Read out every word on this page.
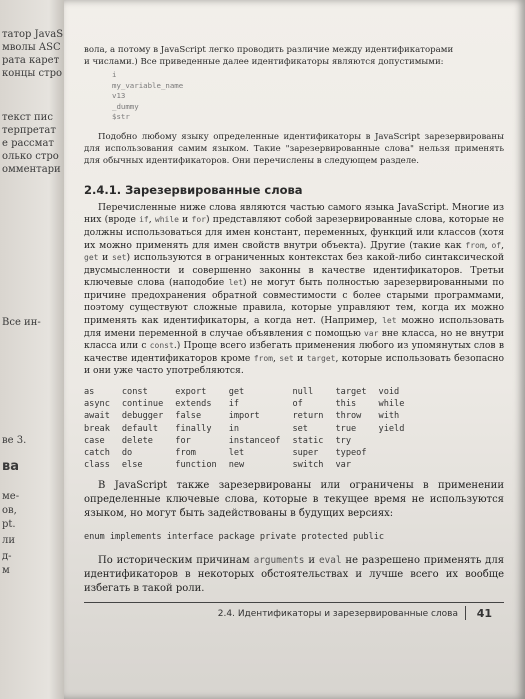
татор JavaS
мволы ASC
рата карет
концы стро
текст пис
терпретат
е рассмат
олько стро
омментари
Все ин-
ве 3.
ва
ме-
ов,
pt.
ли
д-
м

вола, а потому в JavaScript легко проводить различие между идентификаторами
и числами.) Все приведенные далее идентификаторы являются допустимыми:

i
my_variable_name
v13
_dummy
$str

Подобно любому языку определенные идентификаторы в JavaScript зарезервированы для использования самим языком. Такие "зарезервированные слова" нельзя применять для обычных идентификаторов. Они перечислены в следующем разделе.

2.4.1. Зарезервированные слова

Перечисленные ниже слова являются частью самого языка JavaScript. Многие из них (вроде if, while и for) представляют собой зарезервированные слова, которые не должны использоваться для имен констант, переменных, функций или классов (хотя их можно применять для имен свойств внутри объекта). Другие (такие как from, of, get и set) используются в ограниченных контекстах без какой-либо синтаксической двусмысленности и совершенно законны в качестве идентификаторов. Третьи ключевые слова (наподобие let) не могут быть полностью зарезервированными по причине предохранения обратной совместимости с более старыми программами, поэтому существуют сложные правила, которые управляют тем, когда их можно применять как идентификаторы, а когда нет. (Например, let можно использовать для имени переменной в случае объявления с помощью var вне класса, но не внутри класса или с const.) Проще всего избегать применения любого из упомянутых слов в качестве идентификаторов кроме from, set и target, которые использовать безопасно и они уже часто употребляются.

as	const	export	get	null	target	void
async	continue	extends	if	of	this	while
await	debugger	false	import	return	throw	with
break	default	finally	in	set	true	yield
case	delete	for	instanceof	static	try	
catch	do	from	let	super	typeof	
class	else	function	new	switch	var	

В JavaScript также зарезервированы или ограничены в применении определенные ключевые слова, которые в текущее время не используются языком, но могут быть задействованы в будущих версиях:

enum implements interface package private protected public

По историческим причинам arguments и eval не разрешено применять для идентификаторов в некоторых обстоятельствах и лучше всего их вообще избегать в такой роли.

2.4. Идентификаторы и зарезервированные слова 41
